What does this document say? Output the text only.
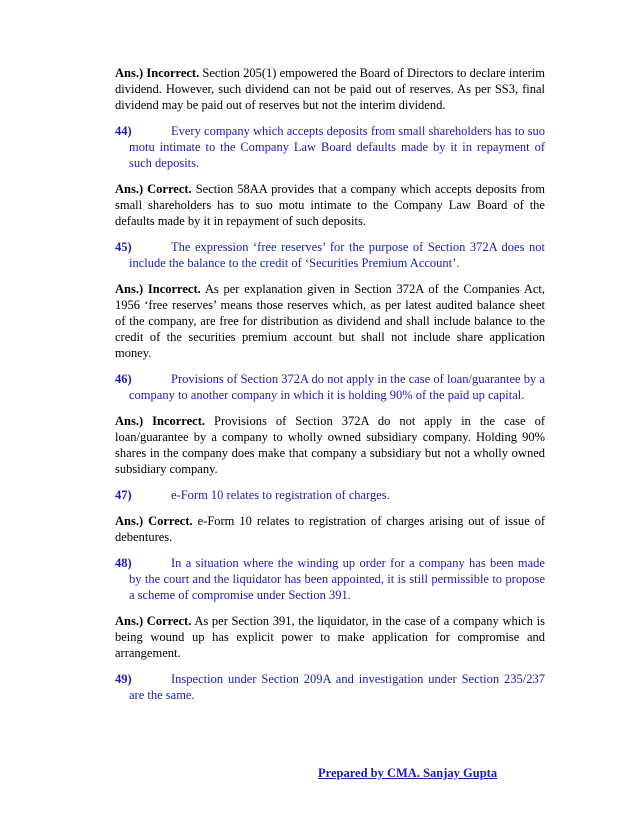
Ans.) Incorrect. Section 205(1) empowered the Board of Directors to declare interim dividend. However, such dividend can not be paid out of reserves. As per SS3, final dividend may be paid out of reserves but not the interim dividend.

44)	Every company which accepts deposits from small shareholders has to suo motu intimate to the Company Law Board defaults made by it in repayment of such deposits.

Ans.) Correct. Section 58AA provides that a company which accepts deposits from small shareholders has to suo motu intimate to the Company Law Board of the defaults made by it in repayment of such deposits.

45)	The expression ‘free reserves’ for the purpose of Section 372A does not include the balance to the credit of ‘Securities Premium Account’.

Ans.) Incorrect. As per explanation given in Section 372A of the Companies Act, 1956 ‘free reserves’ means those reserves which, as per latest audited balance sheet of the company, are free for distribution as dividend and shall include balance to the credit of the securities premium account but shall not include share application money.

46)	Provisions of Section 372A do not apply in the case of loan/guarantee by a company to another company in which it is holding 90% of the paid up capital.

Ans.) Incorrect. Provisions of Section 372A do not apply in the case of loan/guarantee by a company to wholly owned subsidiary company. Holding 90% shares in the company does make that company a subsidiary but not a wholly owned subsidiary company.

47)	e-Form 10 relates to registration of charges.

Ans.) Correct. e-Form 10 relates to registration of charges arising out of issue of debentures.

48)	In a situation where the winding up order for a company has been made by the court and the liquidator has been appointed, it is still permissible to propose a scheme of compromise under Section 391.

Ans.) Correct. As per Section 391, the liquidator, in the case of a company which is being wound up has explicit power to make application for compromise and arrangement.

49)	Inspection under Section 209A and investigation under Section 235/237 are the same.

Prepared by CMA. Sanjay Gupta
